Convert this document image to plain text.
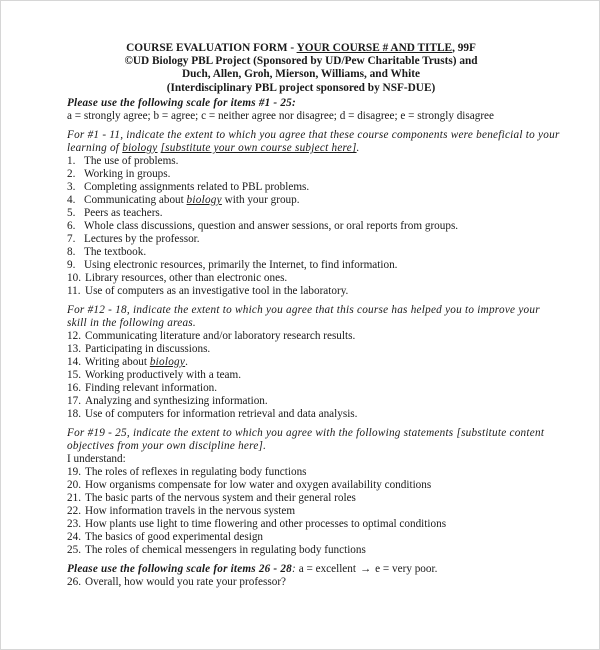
COURSE EVALUATION FORM - YOUR COURSE # AND TITLE, 99F
©UD Biology PBL Project (Sponsored by UD/Pew Charitable Trusts) and
Duch, Allen, Groh, Mierson, Williams, and White
(Interdisciplinary PBL project sponsored by NSF-DUE)
Please use the following scale for items #1 - 25:
a = strongly agree; b = agree; c = neither agree nor disagree; d = disagree; e = strongly disagree
For #1 - 11, indicate the extent to which you agree that these course components were beneficial to your
learning of biology [substitute your own course subject here].
1. The use of problems.
2. Working in groups.
3. Completing assignments related to PBL problems.
4. Communicating about biology with your group.
5. Peers as teachers.
6. Whole class discussions, question and answer sessions, or oral reports from groups.
7. Lectures by the professor.
8. The textbook.
9. Using electronic resources, primarily the Internet, to find information.
10. Library resources, other than electronic ones.
11. Use of computers as an investigative tool in the laboratory.
For #12 - 18, indicate the extent to which you agree that this course has helped you to improve your
skill in the following areas.
12. Communicating literature and/or laboratory research results.
13. Participating in discussions.
14. Writing about biology.
15. Working productively with a team.
16. Finding relevant information.
17. Analyzing and synthesizing information.
18. Use of computers for information retrieval and data analysis.
For #19 - 25, indicate the extent to which you agree with the following statements [substitute content
objectives from your own discipline here].
I understand:
19. The roles of reflexes in regulating body functions
20. How organisms compensate for low water and oxygen availability conditions
21. The basic parts of the nervous system and their general roles
22. How information travels in the nervous system
23. How plants use light to time flowering and other processes to optimal conditions
24. The basics of good experimental design
25. The roles of chemical messengers in regulating body functions
Please use the following scale for items 26 - 28: a = excellent → e = very poor.
26. Overall, how would you rate your professor?
